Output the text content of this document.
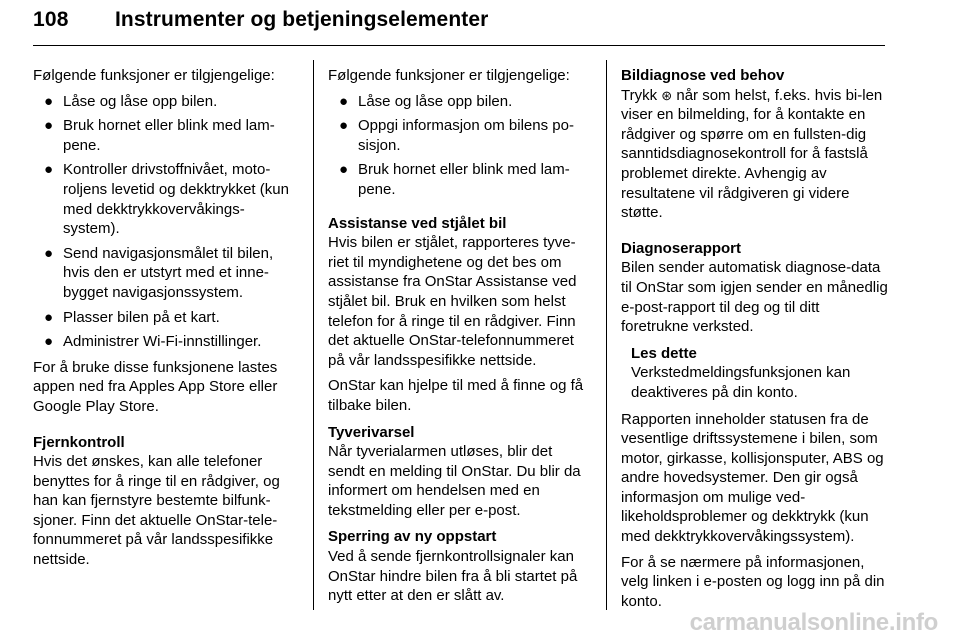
108 Instrumenter og betjeningselementer

Følgende funksjoner er tilgjengelige:

● Låse og låse opp bilen.
● Bruk hornet eller blink med lam-pene.
● Kontroller drivstoffnivået, moto-roljens levetid og dekktrykket (kun med dekktrykkovervåkings-system).
● Send navigasjonsmålet til bilen, hvis den er utstyrt med et inne-bygget navigasjonssystem.
● Plasser bilen på et kart.
● Administrer Wi-Fi-innstillinger.

For å bruke disse funksjonene lastes appen ned fra Apples App Store eller Google Play Store.

Fjernkontroll

Hvis det ønskes, kan alle telefoner benyttes for å ringe til en rådgiver, og han kan fjernstyre bestemte bilfunk-sjoner. Finn det aktuelle OnStar-tele-fonnummeret på vår landsspesifikke nettside.

Følgende funksjoner er tilgjengelige:

● Låse og låse opp bilen.
● Oppgi informasjon om bilens po-sisjon.
● Bruk hornet eller blink med lam-pene.

Assistanse ved stjålet bil

Hvis bilen er stjålet, rapporteres tyve-riet til myndighetene og det bes om assistanse fra OnStar Assistanse ved stjålet bil. Bruk en hvilken som helst telefon for å ringe til en rådgiver. Finn det aktuelle OnStar-telefonnummeret på vår landsspesifikke nettside.

OnStar kan hjelpe til med å finne og få tilbake bilen.

Tyverivarsel

Når tyverialarmen utløses, blir det sendt en melding til OnStar. Du blir da informert om hendelsen med en tekstmelding eller per e-post.

Sperring av ny oppstart

Ved å sende fjernkontrollsignaler kan OnStar hindre bilen fra å bli startet på nytt etter at den er slått av.

Bildiagnose ved behov

Trykk ⊛ når som helst, f.eks. hvis bi-len viser en bilmelding, for å kontakte en rådgiver og spørre om en fullsten-dig sanntidsdiagnosekontroll for å fastslå problemet direkte. Avhengig av resultatene vil rådgiveren gi videre støtte.

Diagnoserapport

Bilen sender automatisk diagnose-data til OnStar som igjen sender en månedlig e-post-rapport til deg og til ditt foretrukne verksted.

Les dette

Verkstedmeldingsfunksjonen kan deaktiveres på din konto.

Rapporten inneholder statusen fra de vesentlige driftssystemene i bilen, som motor, girkasse, kollisjonsputer, ABS og andre hovedsystemer. Den gir også informasjon om mulige ved-likeholdsproblemer og dekktrykk (kun med dekktrykkovervåkingssystem).

For å se nærmere på informasjonen, velg linken i e-posten og logg inn på din konto.

carmanualsonline.info
